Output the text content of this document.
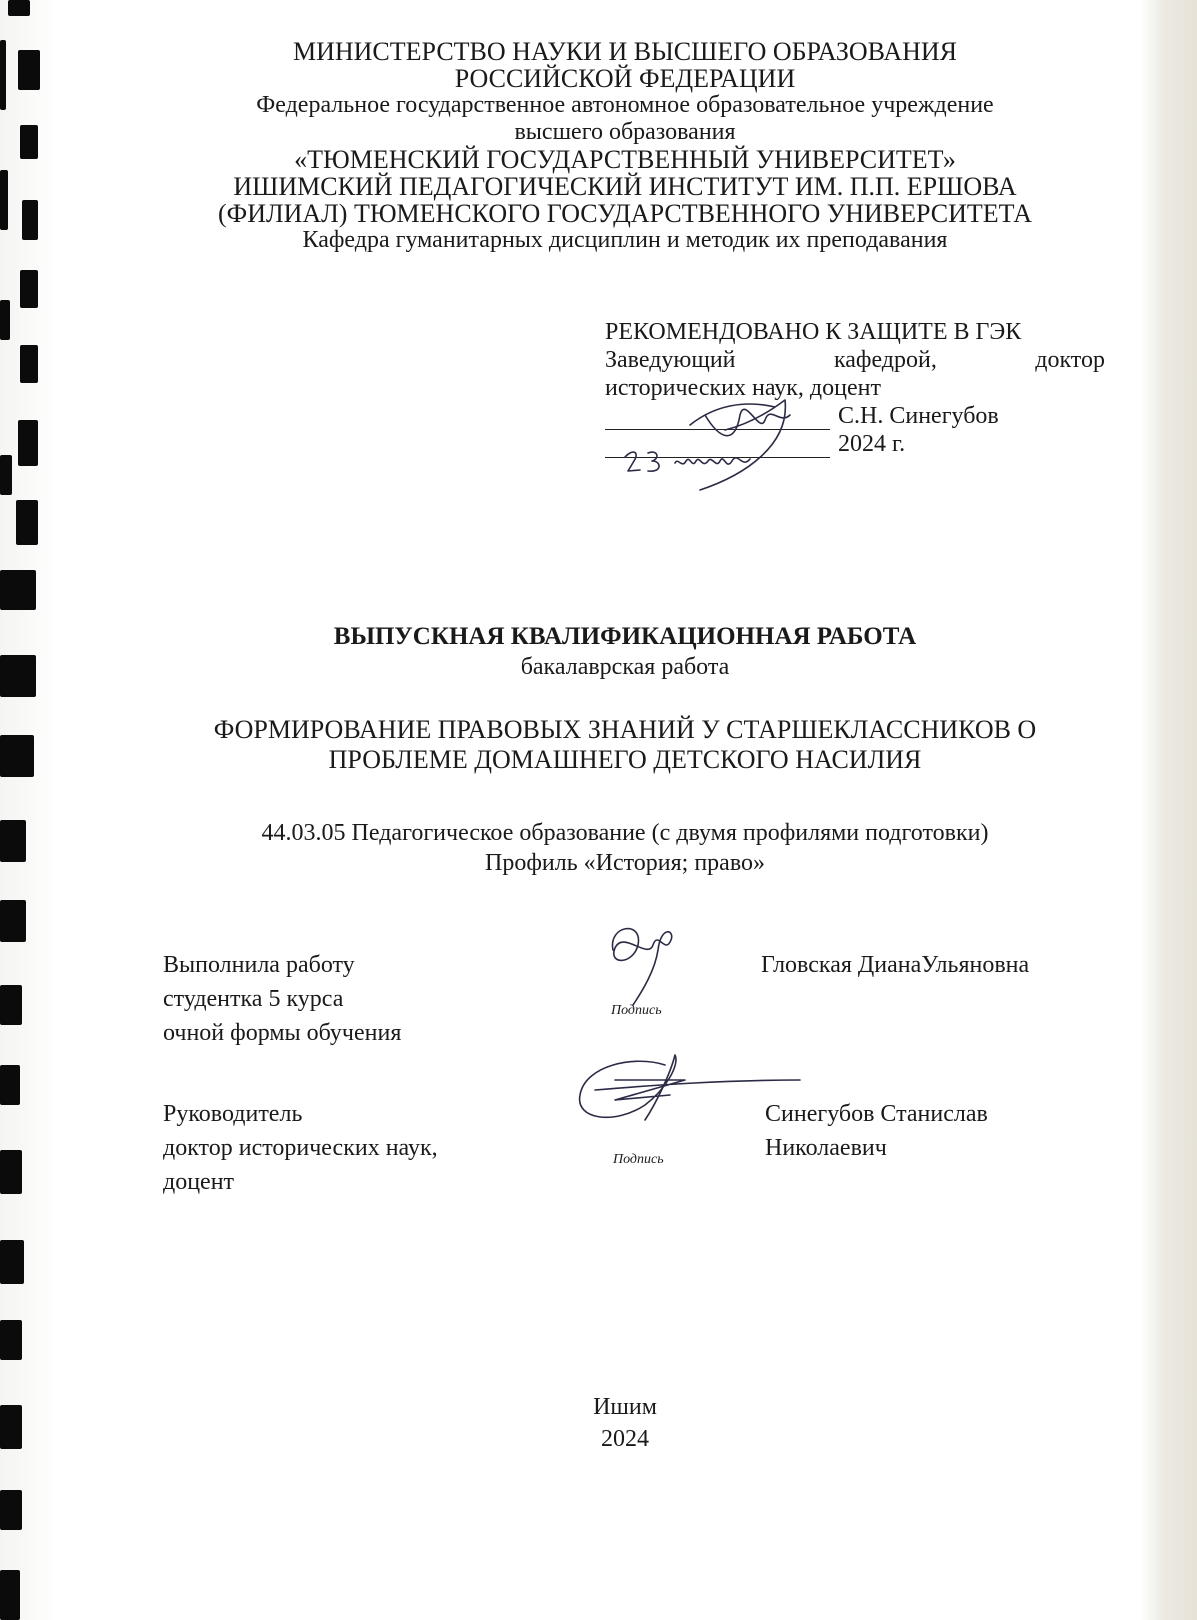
МИНИСТЕРСТВО НАУКИ И ВЫСШЕГО ОБРАЗОВАНИЯ
РОССИЙСКОЙ ФЕДЕРАЦИИ
Федеральное государственное автономное образовательное учреждение
высшего образования
«ТЮМЕНСКИЙ ГОСУДАРСТВЕННЫЙ УНИВЕРСИТЕТ»
ИШИМСКИЙ ПЕДАГОГИЧЕСКИЙ ИНСТИТУТ ИМ. П.П. ЕРШОВА
(ФИЛИАЛ) ТЮМЕНСКОГО ГОСУДАРСТВЕННОГО УНИВЕРСИТЕТА
Кафедра гуманитарных дисциплин и методик их преподавания
РЕКОМЕНДОВАНО К ЗАЩИТЕ В ГЭК
Заведующий	кафедрой,	доктор
исторических наук, доцент
С.Н. Синегубов
2024 г.
ВЫПУСКНАЯ КВАЛИФИКАЦИОННАЯ РАБОТА
бакалаврская работа
ФОРМИРОВАНИЕ ПРАВОВЫХ ЗНАНИЙ У СТАРШЕКЛАССНИКОВ О
ПРОБЛЕМЕ ДОМАШНЕГО ДЕТСКОГО НАСИЛИЯ
44.03.05 Педагогическое образование (с двумя профилями подготовки)
Профиль «История; право»
Выполнила работу
студентка 5 курса
очной формы обучения
Подпись
Гловская ДианаУльяновна
Руководитель
доктор исторических наук,
доцент
Подпись
Синегубов Станислав
Николаевич
Ишим
2024
